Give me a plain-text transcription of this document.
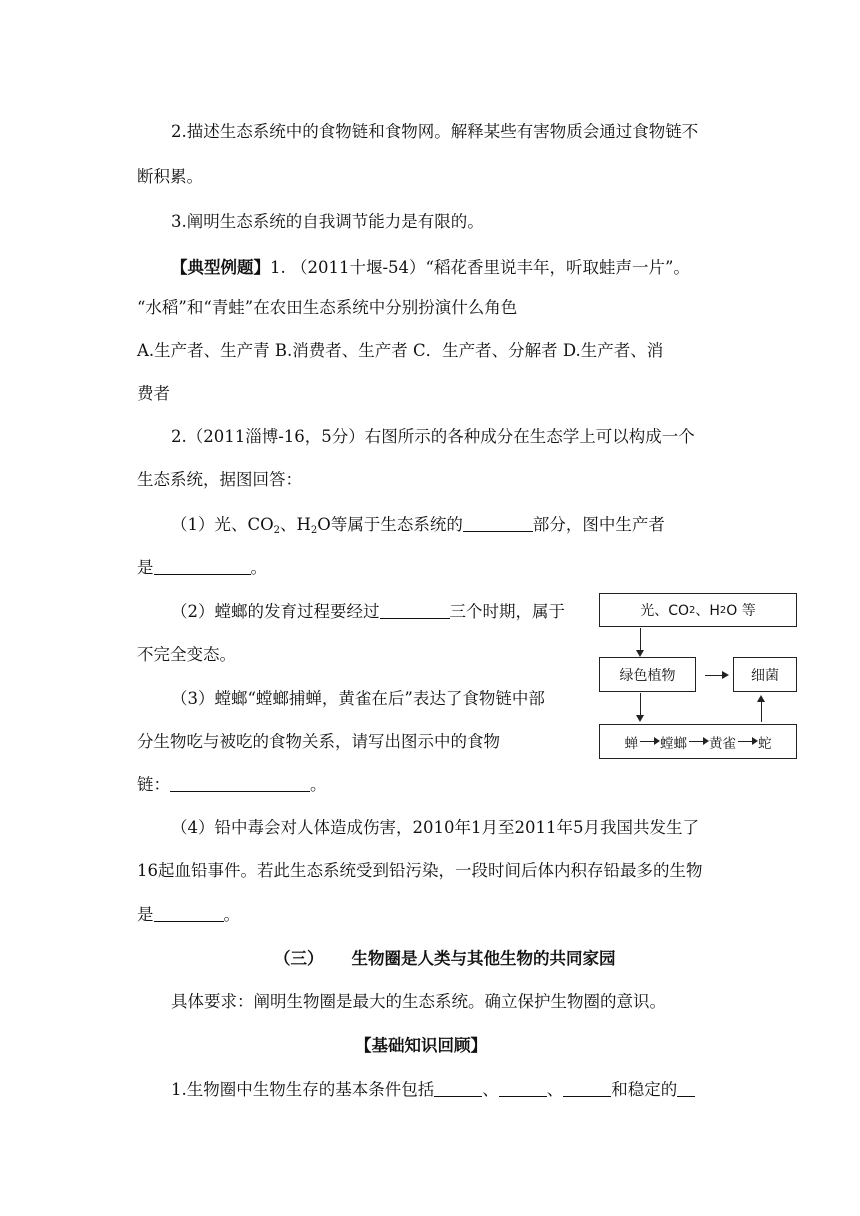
2.描述生态系统中的食物链和食物网。解释某些有害物质会通过食物链不
断积累。
3.阐明生态系统的自我调节能力是有限的。
【典型例题】1. （2011十堰-54）“稻花香里说丰年，听取蛙声一片”。
“水稻”和“青蛙”在农田生态系统中分别扮演什么角色
A.生产者、生产青 B.消费者、生产者 C．生产者、分解者 D.生产者、消
费者
2.（2011淄博-16，5分）右图所示的各种成分在生态学上可以构成一个
生态系统，据图回答：
（1）光、$CO_2$、$H_2O$等属于生态系统的	部分，图中生产者
是	。
（2）螳螂的发育过程要经过	三个时期，属于
不完全变态。
（3）螳螂“螳螂捕蝉，黄雀在后”表达了食物链中部
分生物吃与被吃的食物关系，请写出图示中的食物
链：	。
（4）铅中毒会对人体造成伤害，2010年1月至2011年5月我国共发生了
16起血铅事件。若此生态系统受到铅污染，一段时间后体内积存铅最多的生物
是	。
光、CO 2 、H 2 O 等
绿色植物	细菌
蝉 螳螂 黄雀 蛇
（三） 生物圈是人类与其他生物的共同家园
具体要求：阐明生物圈是最大的生态系统。确立保护生物圈的意识。
【基础知识回顾】
1.生物圈中生物生存的基本条件包括	、	、	和稳定的
